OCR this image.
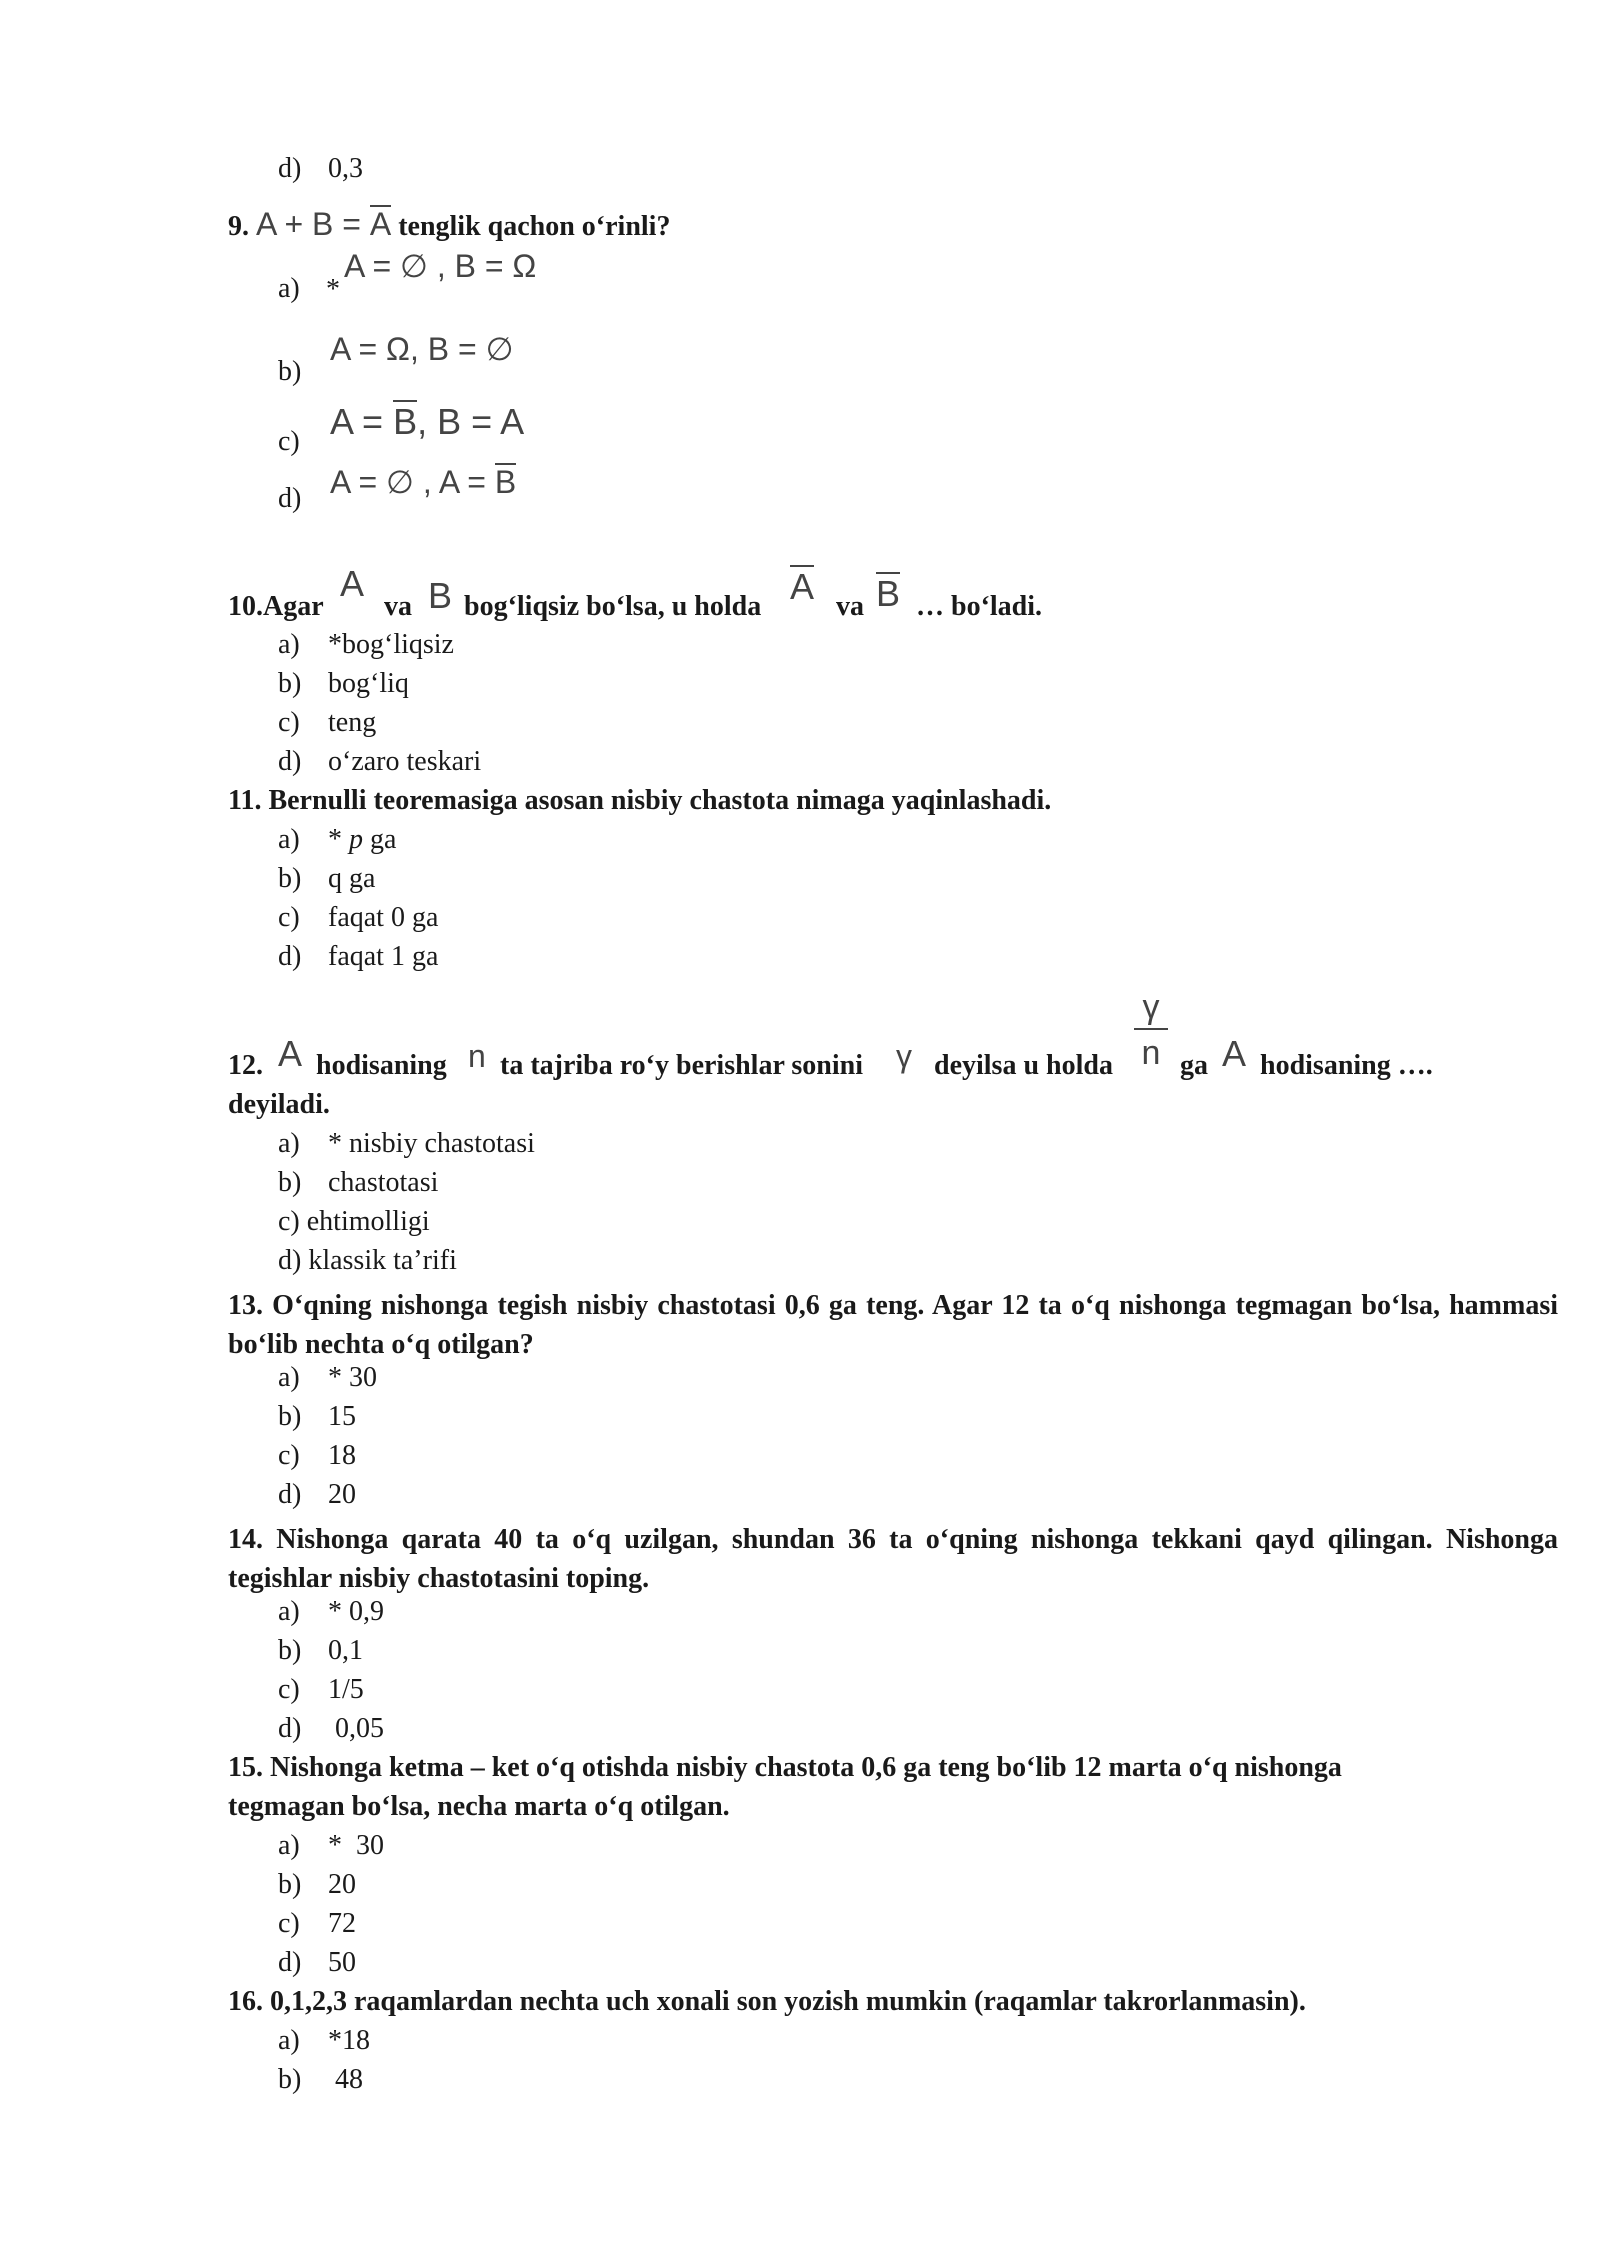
d) 0,3
9. A + B = A tenglik qachon o‘rinli?
a) *
A = ∅ , B = Ω
b)
A = Ω, B = ∅
c) A = B, B = A
d) A = ∅ , A = B
10.Agar
A
va B bog‘liqsiz bo‘lsa, u holda A va B … bo‘ladi.
a) *bog‘liqsiz
b) bog‘liq
c) teng
d) o‘zaro teskari
11. Bernulli teoremasiga asosan nisbiy chastota nimaga yaqinlashadi.
a) * p ga
b) q ga
c) faqat 0 ga
d) faqat 1 ga
12. A hodisaning n ta tajriba ro‘y berishlar sonini γ deyilsa u holda
γ
n ga A hodisaning ….
deyiladi.
a) * nisbiy chastotasi
b) chastotasi
c) ehtimolligi
d) klassik ta’rifi
13. O‘qning nishonga tegish nisbiy chastotasi 0,6 ga teng. Agar 12 ta o‘q nishonga tegmagan bo‘lsa, hammasi bo‘lib nechta o‘q otilgan?
a) * 30
b) 15
c) 18
d) 20
14. Nishonga qarata 40 ta o‘q uzilgan, shundan 36 ta o‘qning nishonga tekkani qayd qilingan. Nishonga tegishlar nisbiy chastotasini toping.
a) * 0,9
b) 0,1
c) 1/5
d) 0,05
15. Nishonga ketma – ket o‘q otishda nisbiy chastota 0,6 ga teng bo‘lib 12 marta o‘q nishonga
tegmagan bo‘lsa, necha marta o‘q otilgan.
a) *  30
b) 20
c) 72
d) 50
16. 0,1,2,3 raqamlardan nechta uch xonali son yozish mumkin (raqamlar takrorlanmasin).
a) *18
b) 48
